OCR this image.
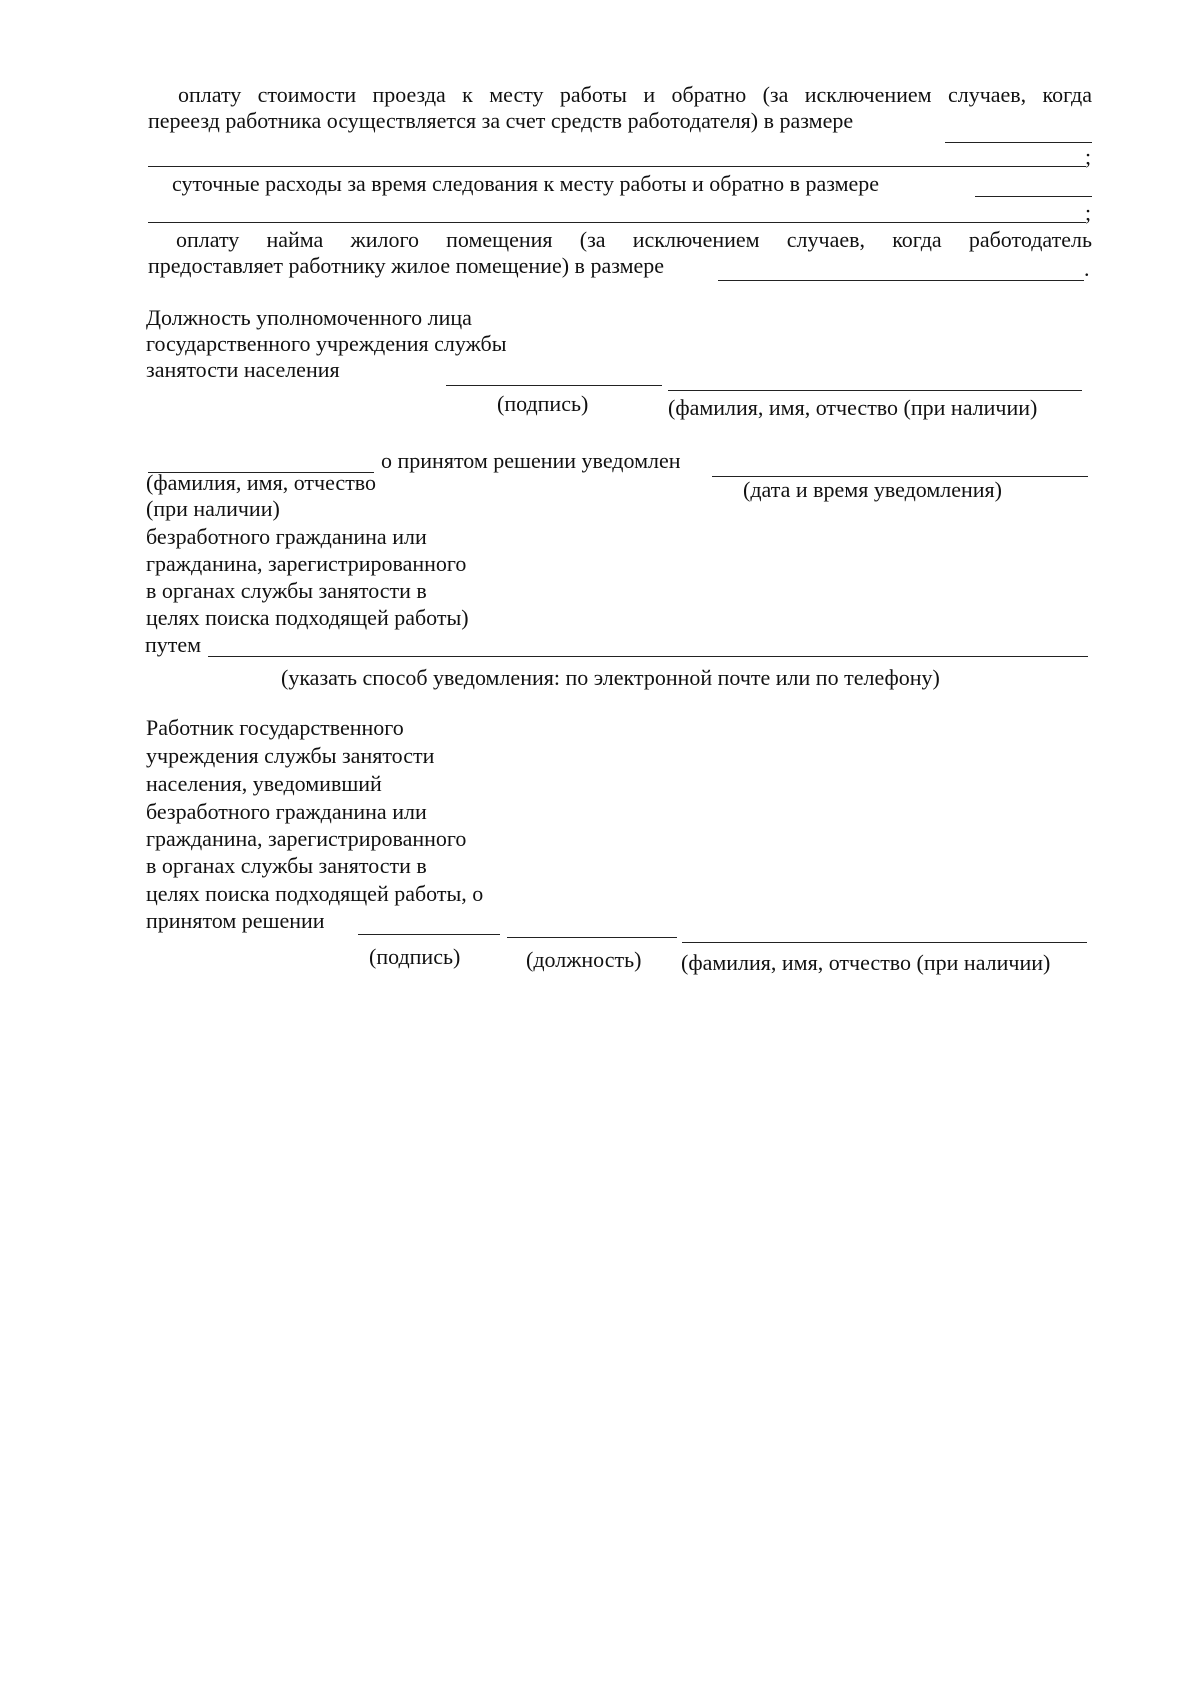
оплату стоимости проезда к месту работы и обратно (за исключением случаев, когда
переезд работника осуществляется за счет средств работодателя) в размере
;
суточные расходы за время следования к месту работы и обратно в размере
;
оплату найма жилого помещения (за исключением случаев, когда работодатель
предоставляет работнику жилое помещение) в размере	.
Должность уполномоченного лица
государственного учреждения службы
занятости населения
(подпись)	(фамилия, имя, отчество (при наличии)
о принятом решении уведомлен
(фамилия, имя, отчество
(при наличии)
безработного гражданина или
гражданина, зарегистрированного
в органах службы занятости в
целях поиска подходящей работы)
(дата и время уведомления)
путем
(указать способ уведомления: по электронной почте или по телефону)
Работник государственного
учреждения службы занятости
населения, уведомивший
безработного гражданина или
гражданина, зарегистрированного
в органах службы занятости в
целях поиска подходящей работы, о
принятом решении
(подпись)	(должность) (фамилия, имя, отчество (при наличии)
